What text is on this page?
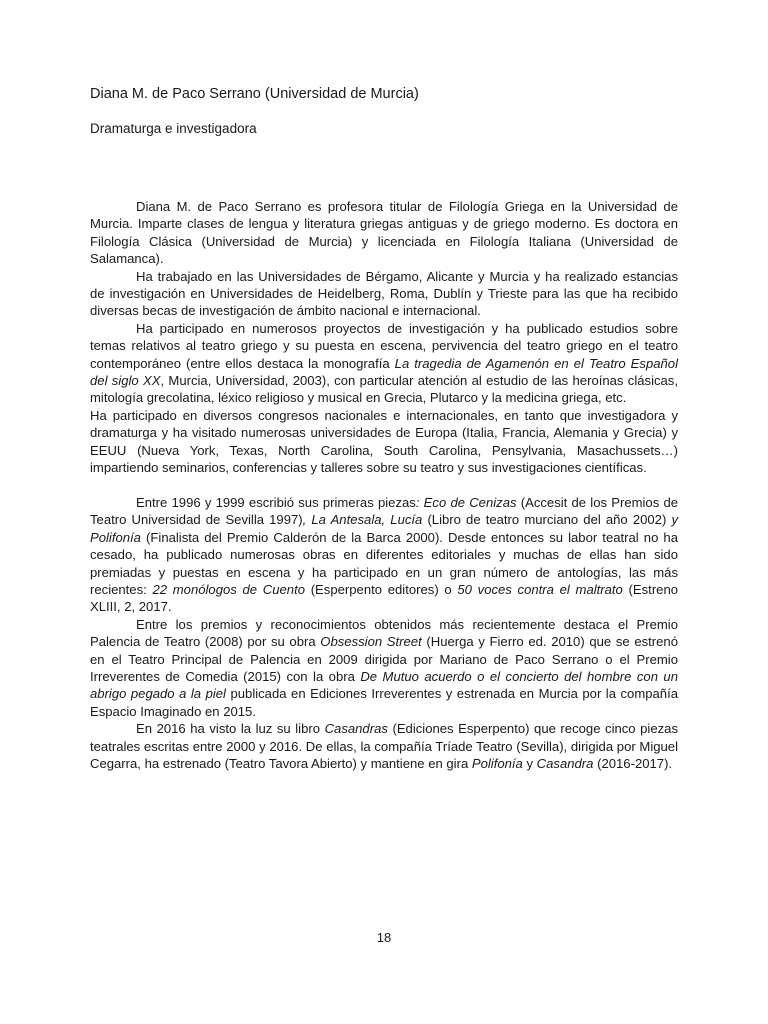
Diana M. de Paco Serrano (Universidad de Murcia)
Dramaturga e investigadora

Diana M. de Paco Serrano es profesora titular de Filología Griega en la Universidad de Murcia. Imparte clases de lengua y literatura griegas antiguas y de griego moderno. Es doctora en Filología Clásica (Universidad de Murcia) y licenciada en Filología Italiana (Universidad de Salamanca).

Ha trabajado en las Universidades de Bérgamo, Alicante y Murcia y ha realizado estancias de investigación en Universidades de Heidelberg, Roma, Dublín y Trieste para las que ha recibido diversas becas de investigación de ámbito nacional e internacional.

Ha participado en numerosos proyectos de investigación y ha publicado estudios sobre temas relativos al teatro griego y su puesta en escena, pervivencia del teatro griego en el teatro contemporáneo (entre ellos destaca la monografía La tragedia de Agamenón en el Teatro Español del siglo XX, Murcia, Universidad, 2003), con particular atención al estudio de las heroínas clásicas, mitología grecolatina, léxico religioso y musical en Grecia, Plutarco y la medicina griega, etc.

Ha participado en diversos congresos nacionales e internacionales, en tanto que investigadora y dramaturga y ha visitado numerosas universidades de Europa (Italia, Francia, Alemania y Grecia) y EEUU (Nueva York, Texas, North Carolina, South Carolina, Pensylvania, Masachussets…) impartiendo seminarios, conferencias y talleres sobre su teatro y sus investigaciones científicas.

Entre 1996 y 1999 escribió sus primeras piezas: Eco de Cenizas (Accesit de los Premios de Teatro Universidad de Sevilla 1997), La Antesala, Lucía (Libro de teatro murciano del año 2002) y Polifonía (Finalista del Premio Calderón de la Barca 2000). Desde entonces su labor teatral no ha cesado, ha publicado numerosas obras en diferentes editoriales y muchas de ellas han sido premiadas y puestas en escena y ha participado en un gran número de antologías, las más recientes: 22 monólogos de Cuento (Esperpento editores) o 50 voces contra el maltrato (Estreno XLIII, 2, 2017.

Entre los premios y reconocimientos obtenidos más recientemente destaca el Premio Palencia de Teatro (2008) por su obra Obsession Street (Huerga y Fierro ed. 2010) que se estrenó en el Teatro Principal de Palencia en 2009 dirigida por Mariano de Paco Serrano o el Premio Irreverentes de Comedia (2015) con la obra De Mutuo acuerdo o el concierto del hombre con un abrigo pegado a la piel publicada en Ediciones Irreverentes y estrenada en Murcia por la compañía Espacio Imaginado en 2015.

En 2016 ha visto la luz su libro Casandras (Ediciones Esperpento) que recoge cinco piezas teatrales escritas entre 2000 y 2016. De ellas, la compañía Tríade Teatro (Sevilla), dirigida por Miguel Cegarra, ha estrenado (Teatro Tavora Abierto) y mantiene en gira Polifonía y Casandra (2016-2017).

18
